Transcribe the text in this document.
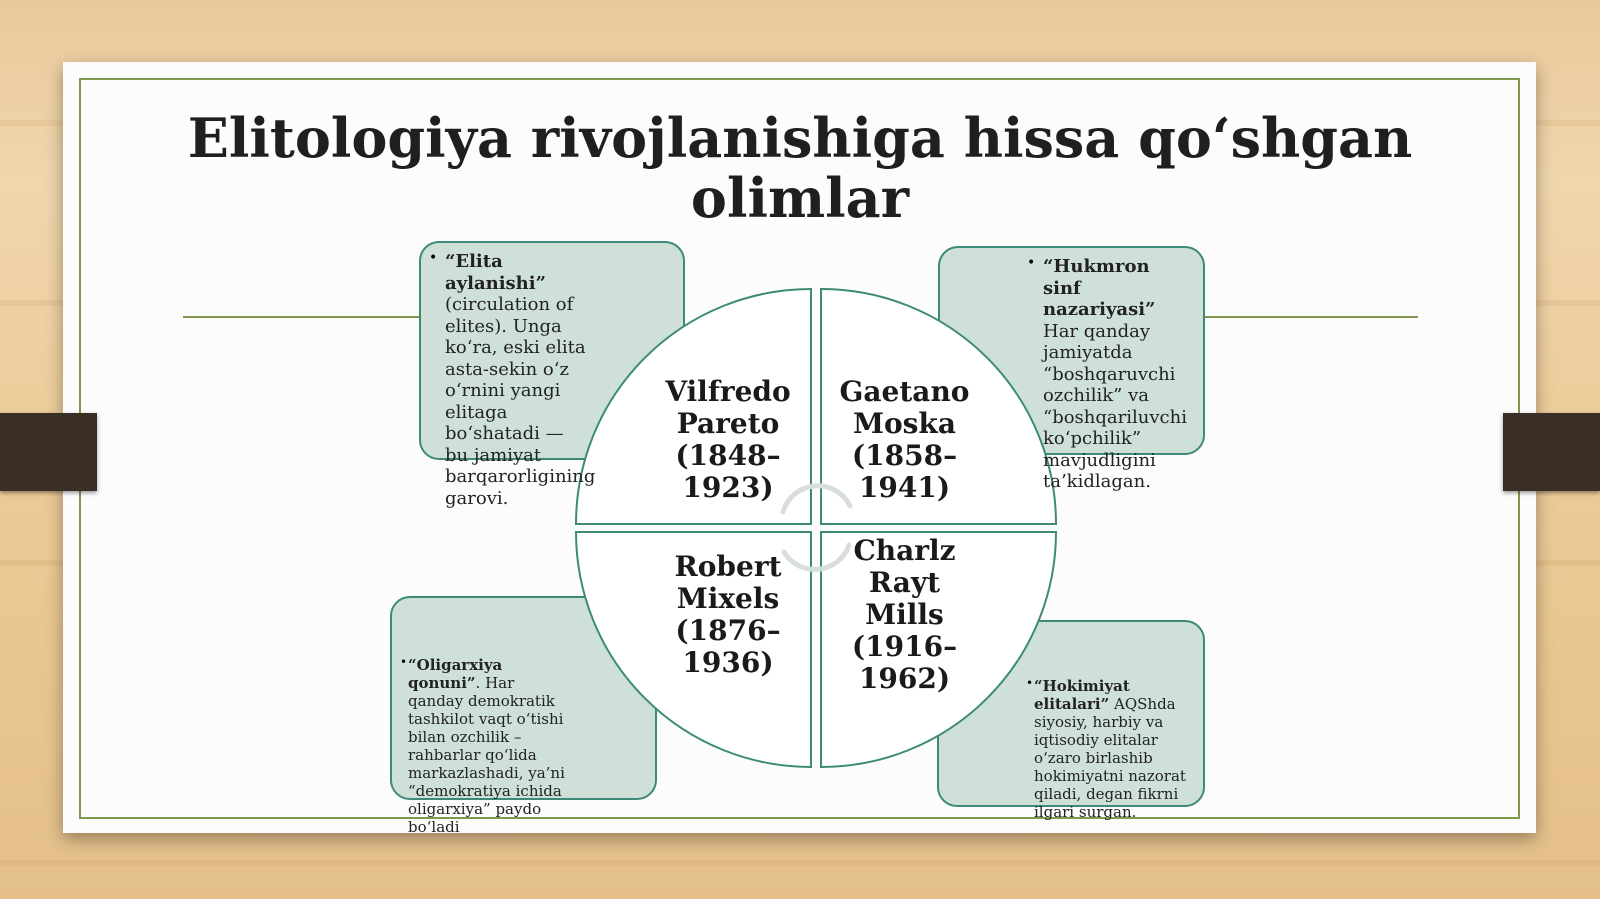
Elitologiya rivojlanishiga hissa qo‘shgan olimlar
Vilfredo Pareto (1848–1923)
Gaetano Moska (1858–1941)
Robert Mixels (1876–1936)
Charlz Rayt Mills (1916–1962)
• “Elita aylanishi” (circulation of elites). Unga ko‘ra, eski elita asta-sekin o‘z o‘rnini yangi elitaga bo‘shatadi — bu jamiyat barqarorligining garovi.
• “Hukmron sinf nazariyasi” Har qanday jamiyatda “boshqaruvchi ozchilik” va “boshqariluvchi ko‘pchilik” mavjudligini ta’kidlagan.
• “Oligarxiya qonuni”. Har qanday demokratik tashkilot vaqt o‘tishi bilan ozchilik – rahbarlar qo‘lida markazlashadi, ya’ni “demokratiya ichida oligarxiya” paydo bo‘ladi
• “Hokimiyat elitalari” AQShda siyosiy, harbiy va iqtisodiy elitalar o‘zaro birlashib hokimiyatni nazorat qiladi, degan fikrni ilgari surgan.
